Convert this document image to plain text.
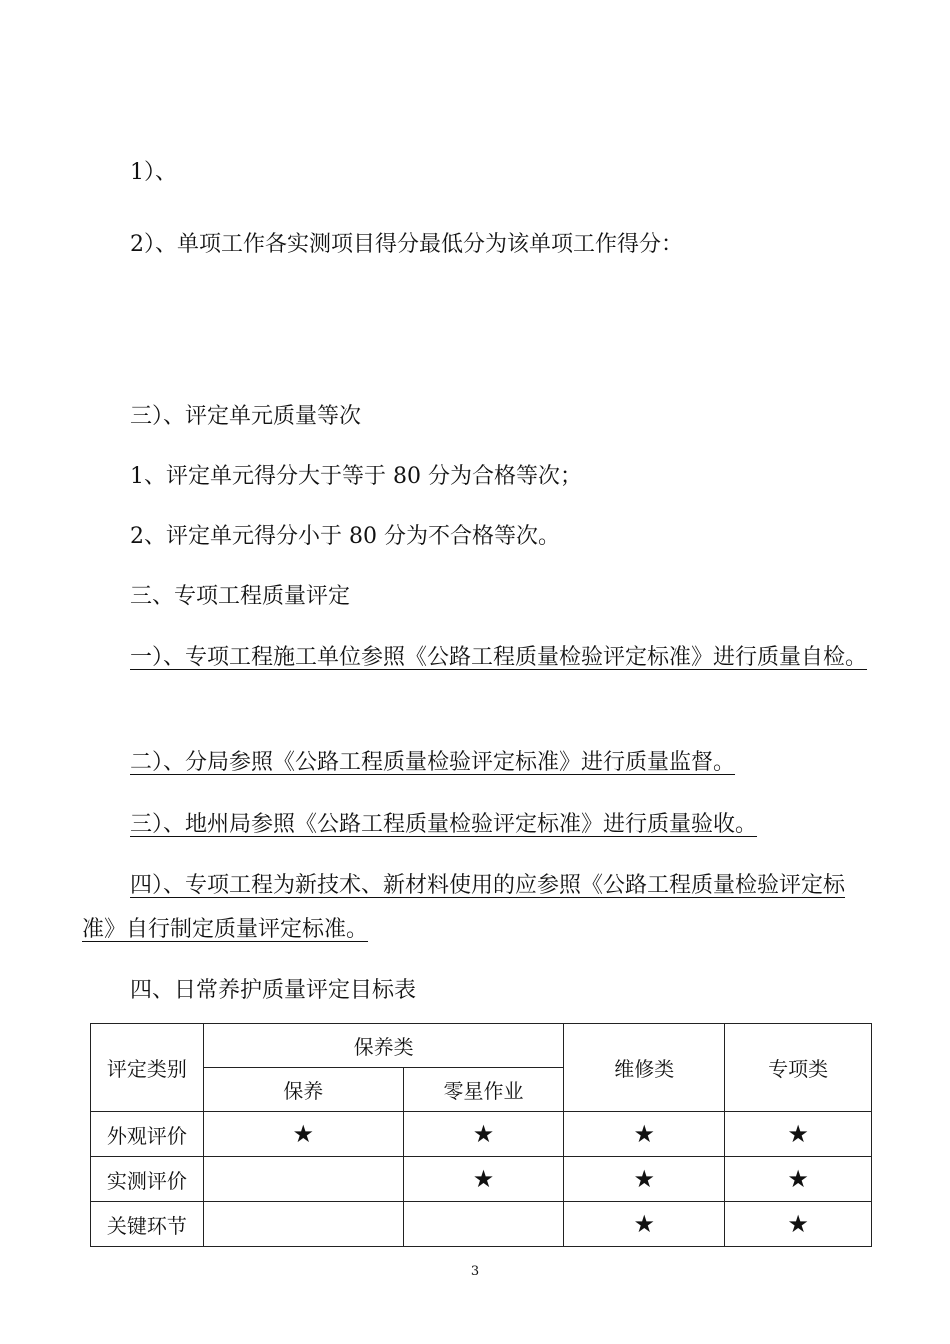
1）、
2）、单项工作各实测项目得分最低分为该单项工作得分：
三）、评定单元质量等次
1、评定单元得分大于等于 80 分为合格等次；
2、评定单元得分小于 80 分为不合格等次。
三、专项工程质量评定
一）、专项工程施工单位参照《公路工程质量检验评定标准》进行质量自检。
二）、分局参照《公路工程质量检验评定标准》进行质量监督。
三）、地州局参照《公路工程质量检验评定标准》进行质量验收。
四）、专项工程为新技术、新材料使用的应参照《公路工程质量检验评定标准》自行制定质量评定标准。
四、日常养护质量评定目标表
评定类别	保养类		维修类	专项类
	保养	零星作业		
外观评价	★	★	★	★
实测评价		★	★	★
关键环节			★	★
3
